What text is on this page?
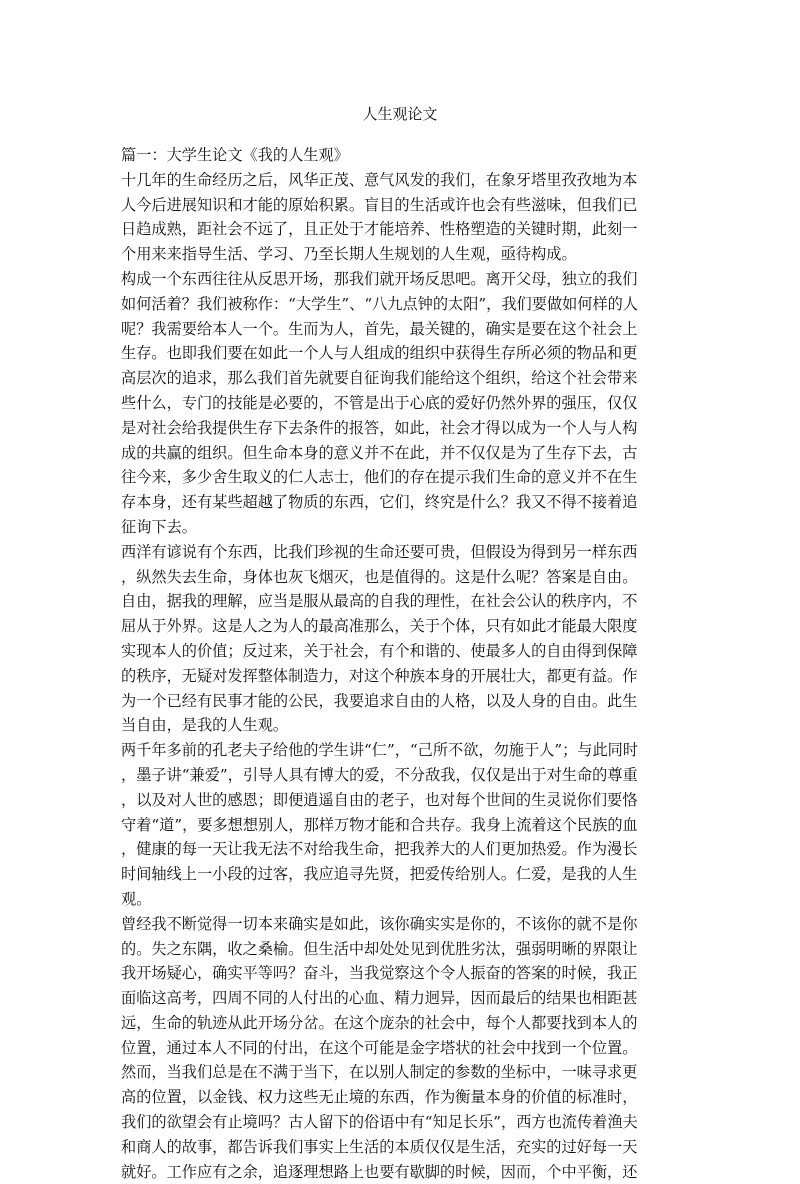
人生观论文

篇一：大学生论文《我的人生观》

十几年的生命经历之后，风华正茂、意气风发的我们，在象牙塔里孜孜地为本
人今后进展知识和才能的原始积累。盲目的生活或许也会有些滋味，但我们已
日趋成熟，距社会不远了，且正处于才能培养、性格塑造的关键时期，此刻一
个用来来指导生活、学习、乃至长期人生规划的人生观，亟待构成。

构成一个东西往往从反思开场，那我们就开场反思吧。离开父母，独立的我们
如何活着？我们被称作：“大学生”、“八九点钟的太阳”，我们要做如何样的人
呢？我需要给本人一个。生而为人，首先，最关键的，确实是要在这个社会上
生存。也即我们要在如此一个人与人组成的组织中获得生存所必须的物品和更
高层次的追求，那么我们首先就要自征询我们能给这个组织，给这个社会带来
些什么，专门的技能是必要的，不管是出于心底的爱好仍然外界的强压，仅仅
是对社会给我提供生存下去条件的报答，如此，社会才得以成为一个人与人构
成的共赢的组织。但生命本身的意义并不在此，并不仅仅是为了生存下去，古
往今来，多少舍生取义的仁人志士，他们的存在提示我们生命的意义并不在生
存本身，还有某些超越了物质的东西，它们，终究是什么？我又不得不接着追
征询下去。

西洋有谚说有个东西，比我们珍视的生命还要可贵，但假设为得到另一样东西
，纵然失去生命，身体也灰飞烟灭，也是值得的。这是什么呢？答案是自由。
自由，据我的理解，应当是服从最高的自我的理性，在社会公认的秩序内，不
屈从于外界。这是人之为人的最高准那么，关于个体，只有如此才能最大限度
实现本人的价值；反过来，关于社会，有个和谐的、使最多人的自由得到保障
的秩序，无疑对发挥整体制造力，对这个种族本身的开展壮大，都更有益。作
为一个已经有民事才能的公民，我要追求自由的人格，以及人身的自由。此生
当自由，是我的人生观。

两千年多前的孔老夫子给他的学生讲“仁”，“己所不欲，勿施于人”；与此同时
，墨子讲“兼爱”，引导人具有博大的爱，不分敌我，仅仅是出于对生命的尊重
，以及对人世的感恩；即便逍遥自由的老子，也对每个世间的生灵说你们要恪
守着“道”，要多想想别人，那样万物才能和合共存。我身上流着这个民族的血
，健康的每一天让我无法不对给我生命，把我养大的人们更加热爱。作为漫长
时间轴线上一小段的过客，我应追寻先贤，把爱传给别人。仁爱，是我的人生
观。

曾经我不断觉得一切本来确实是如此，该你确实实是你的，不该你的就不是你
的。失之东隅，收之桑榆。但生活中却处处见到优胜劣汰，强弱明晰的界限让
我开场疑心，确实平等吗？奋斗，当我觉察这个令人振奋的答案的时候，我正
面临这高考，四周不同的人付出的心血、精力迥异，因而最后的结果也相距甚
远，生命的轨迹从此开场分岔。在这个庞杂的社会中，每个人都要找到本人的
位置，通过本人不同的付出，在这个可能是金字塔状的社会中找到一个位置。
然而，当我们总是在不满于当下，在以别人制定的参数的坐标中，一味寻求更
高的位置，以金钱、权力这些无止境的东西，作为衡量本身的价值的标准时，
我们的欲望会有止境吗？古人留下的俗语中有“知足长乐”，西方也流传着渔夫
和商人的故事，都告诉我们事实上生活的本质仅仅是生活，充实的过好每一天
就好。工作应有之余，追逐理想路上也要有歇脚的时候，因而，个中平衡，还
